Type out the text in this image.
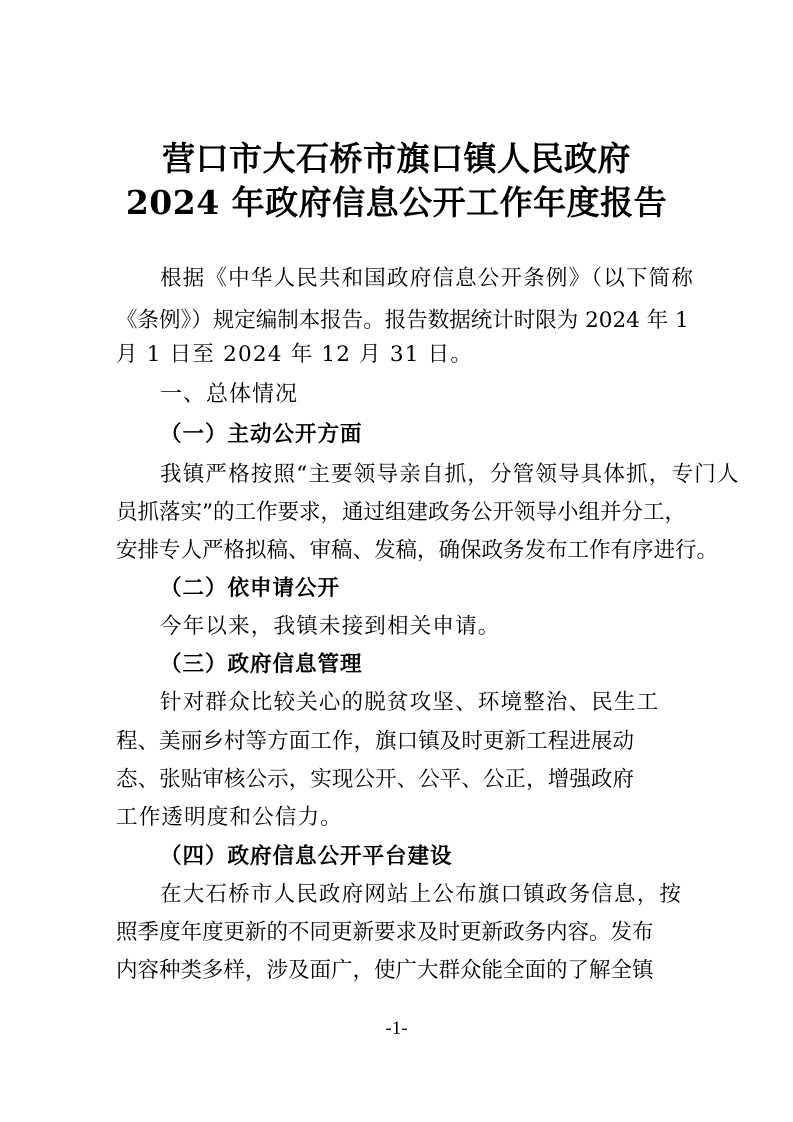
营口市大石桥市旗口镇人民政府
2024 年政府信息公开工作年度报告
根据《中华人民共和国政府信息公开条例》（以下简称
《条例》）规定编制本报告。报告数据统计时限为 2024 年 1
月 1 日至 2024 年 12 月 31 日。
一、总体情况
（一）主动公开方面
我镇严格按照“主要领导亲自抓，分管领导具体抓，专门人
员抓落实”的工作要求，通过组建政务公开领导小组并分工，
安排专人严格拟稿、审稿、发稿，确保政务发布工作有序进行。
（二）依申请公开
今年以来，我镇未接到相关申请。
（三）政府信息管理
针对群众比较关心的脱贫攻坚、环境整治、民生工
程、美丽乡村等方面工作，旗口镇及时更新工程进展动
态、张贴审核公示，实现公开、公平、公正，增强政府
工作透明度和公信力。
（四）政府信息公开平台建设
在大石桥市人民政府网站上公布旗口镇政务信息，按
照季度年度更新的不同更新要求及时更新政务内容。发布
内容种类多样，涉及面广，使广大群众能全面的了解全镇
-1-
